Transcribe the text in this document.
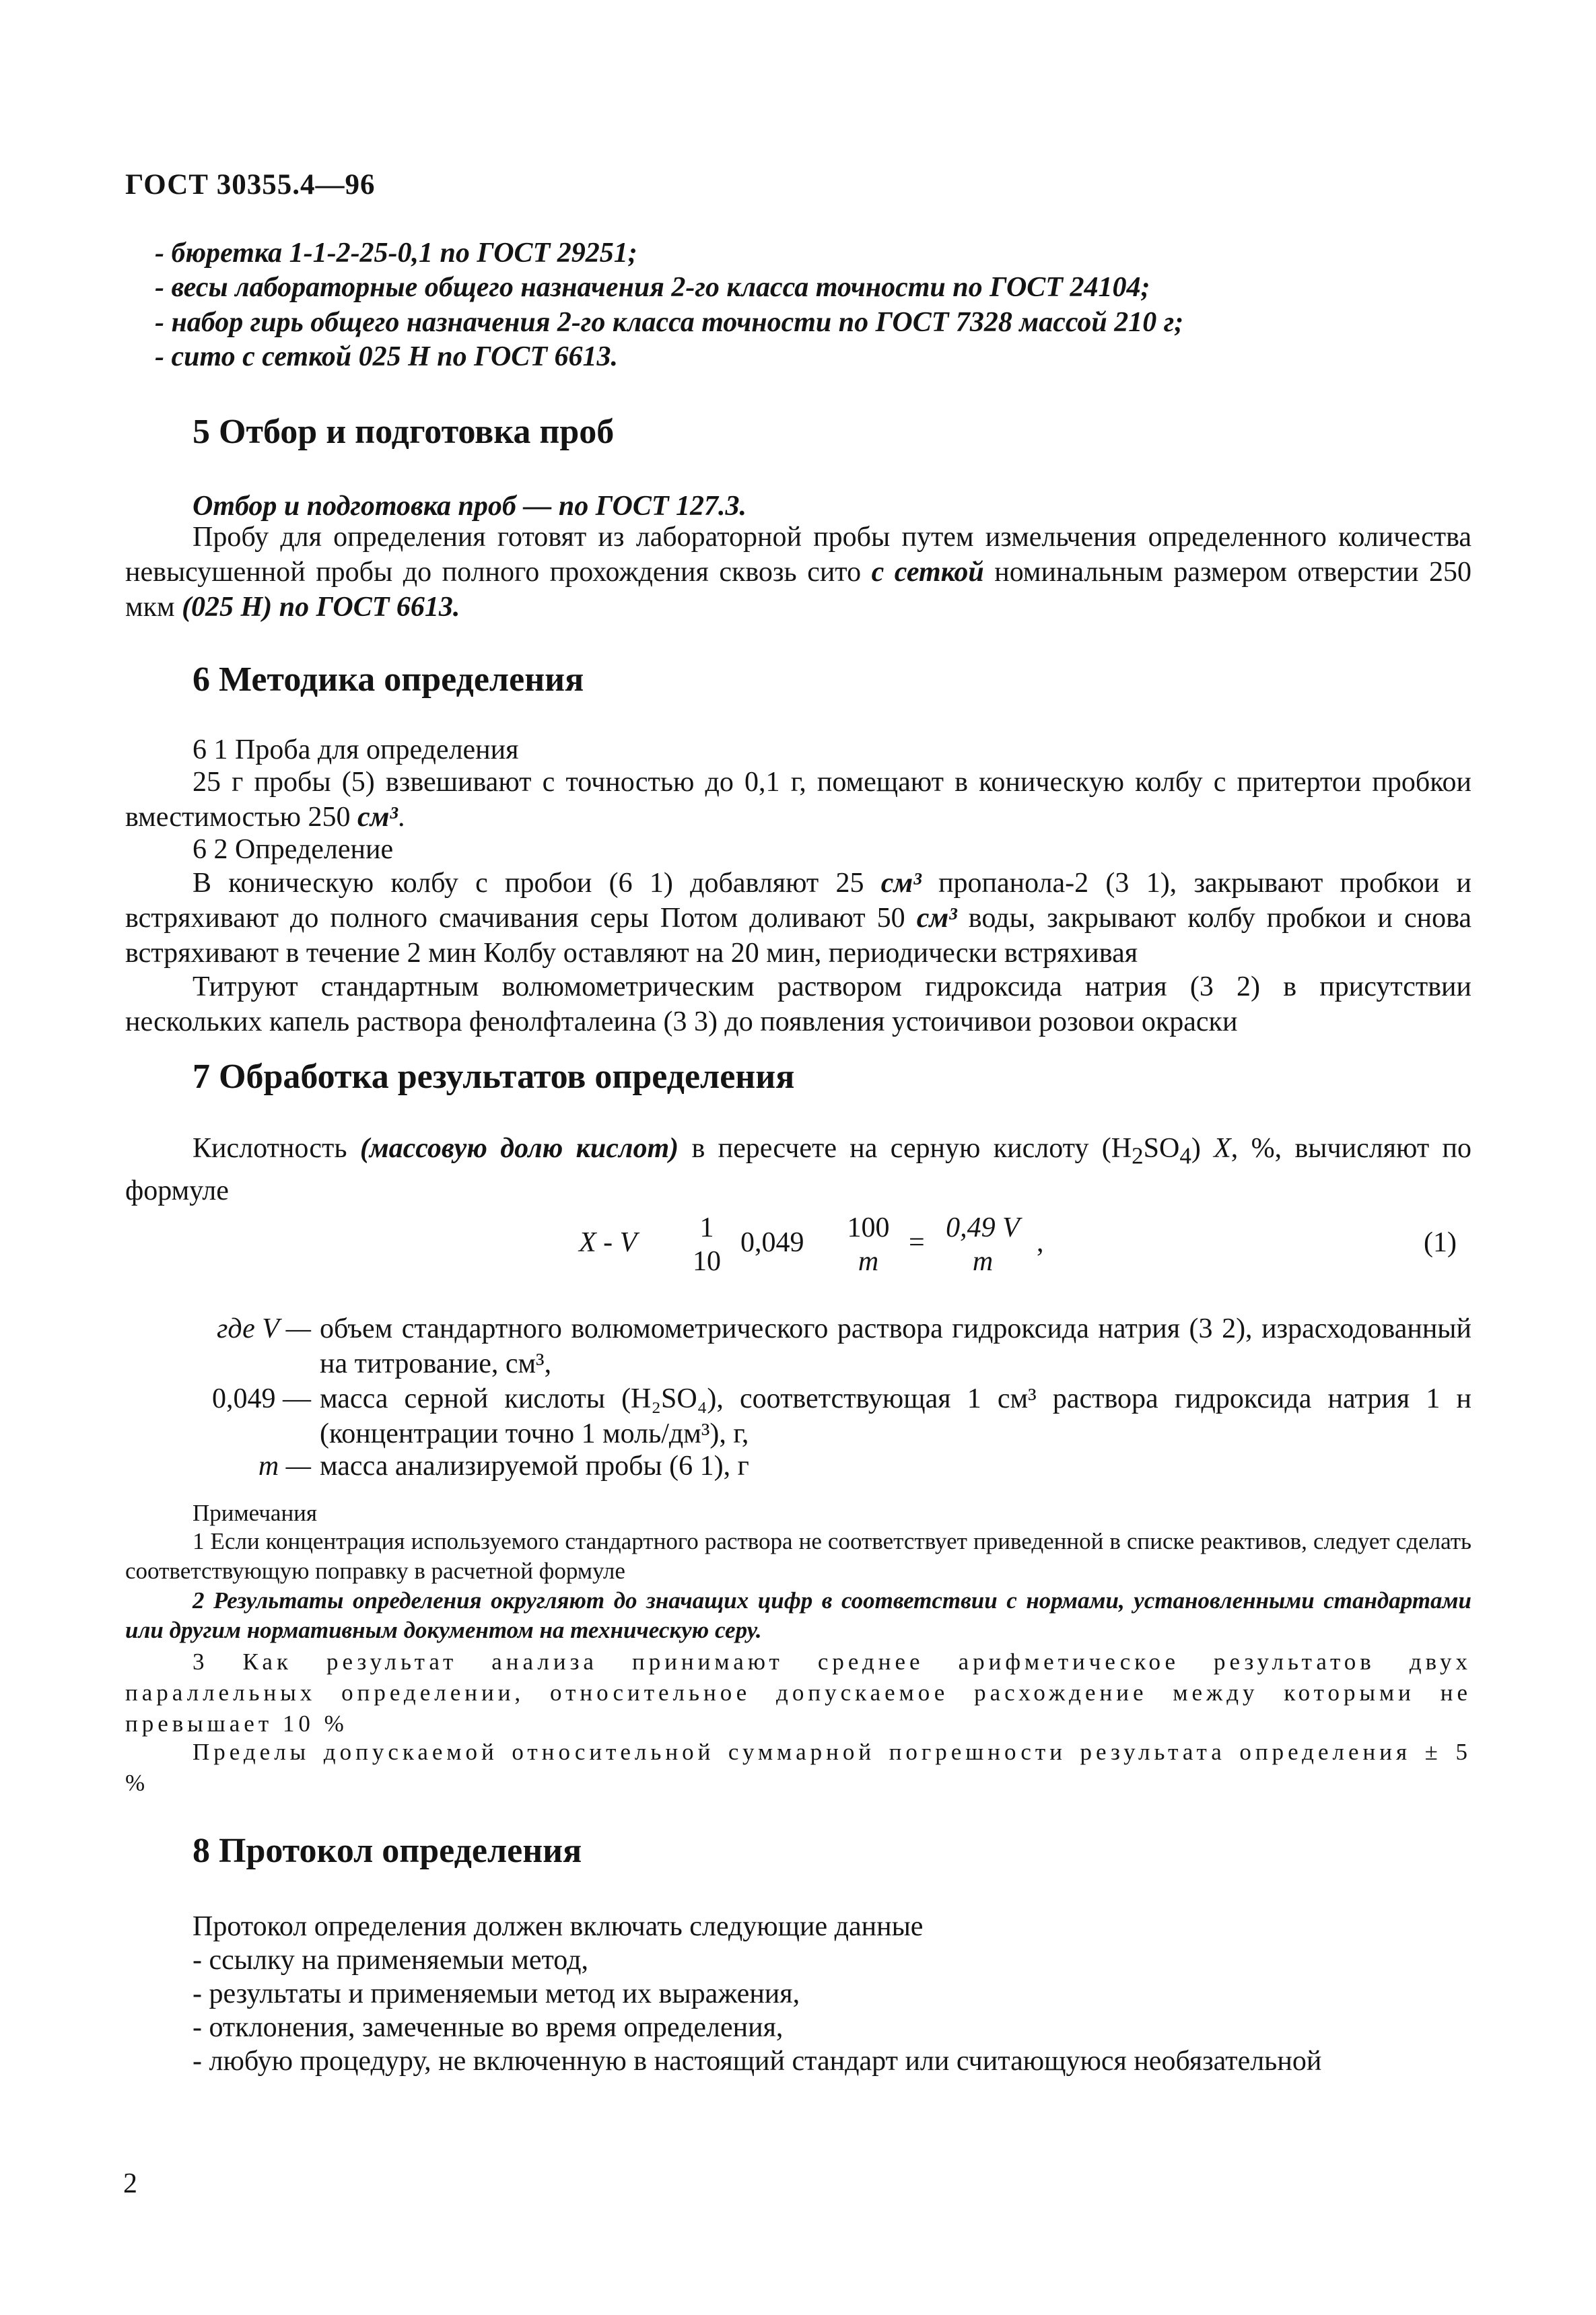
ГОСТ 30355.4—96
- бюретка 1-1-2-25-0,1 по ГОСТ 29251;
- весы лабораторные общего назначения 2-го класса точности по ГОСТ 24104;
- набор гирь общего назначения 2-го класса точности по ГОСТ 7328 массой 210 г;
- сито с сеткой 025 Н по ГОСТ 6613.
5 Отбор и подготовка проб
Отбор и подготовка проб — по ГОСТ 127.3.
Пробу для определения готовят из лабораторной пробы путем измельчения определенного количества невысушенной пробы до полного прохождения сквозь сито с сеткой номинальным размером отверстии 250 мкм (025 Н) по ГОСТ 6613.
6 Методика определения
6 1 Проба для определения
25 г пробы (5) взвешивают с точностью до 0,1 г, помещают в коническую колбу с притертои пробкои вместимостью 250 см³.
6 2 Определение
В коническую колбу с пробои (6 1) добавляют 25 см³ пропанола-2 (3 1), закрывают пробкои и встряхивают до полного смачивания серы Потом доливают 50 см³ воды, закрывают колбу пробкои и снова встряхивают в течение 2 мин Колбу оставляют на 20 мин, периодически встряхивая
Титруют стандартным волюмометрическим раствором гидроксида натрия (3 2) в присутствии нескольких капель раствора фенолфталеина (3 3) до появления устоичивои розовои окраски
7 Обработка результатов определения
Кислотность (массовую долю кислот) в пересчете на серную кислоту $(H_2SO_4)$ X, %, вычисляют по формуле
X - V 1
10
0,049	100
m
= 0,49 V
m
,	(1)
где V — объем стандартного волюмометрического раствора гидроксида натрия (3 2), израсходованный на титрование, см³,
0,049 — масса серной кислоты (H₂SO₄), соответствующая 1 см³ раствора гидроксида натрия 1 н (концентрации точно 1 моль/дм³), г,
m — масса анализируемой пробы (6 1), г
Примечания
1 Если концентрация используемого стандартного раствора не соответствует приведенной в списке реактивов, следует сделать соответствующую поправку в расчетной формуле
2 Результаты определения округляют до значащих цифр в соответствии с нормами, установленными стандартами или другим нормативным документом на техническую серу.
3 Как результат анализа принимают среднее арифметическое результатов двух параллельных определении, относительное допускаемое расхождение между которыми не превышает 10 %
Пределы допускаемой относительной суммарной погрешности результата определения ± 5 %
8 Протокол определения
Протокол определения должен включать следующие данные
- ссылку на применяемыи метод,
- результаты и применяемыи метод их выражения,
- отклонения, замеченные во время определения,
- любую процедуру, не включенную в настоящий стандарт или считающуюся необязательной
2
